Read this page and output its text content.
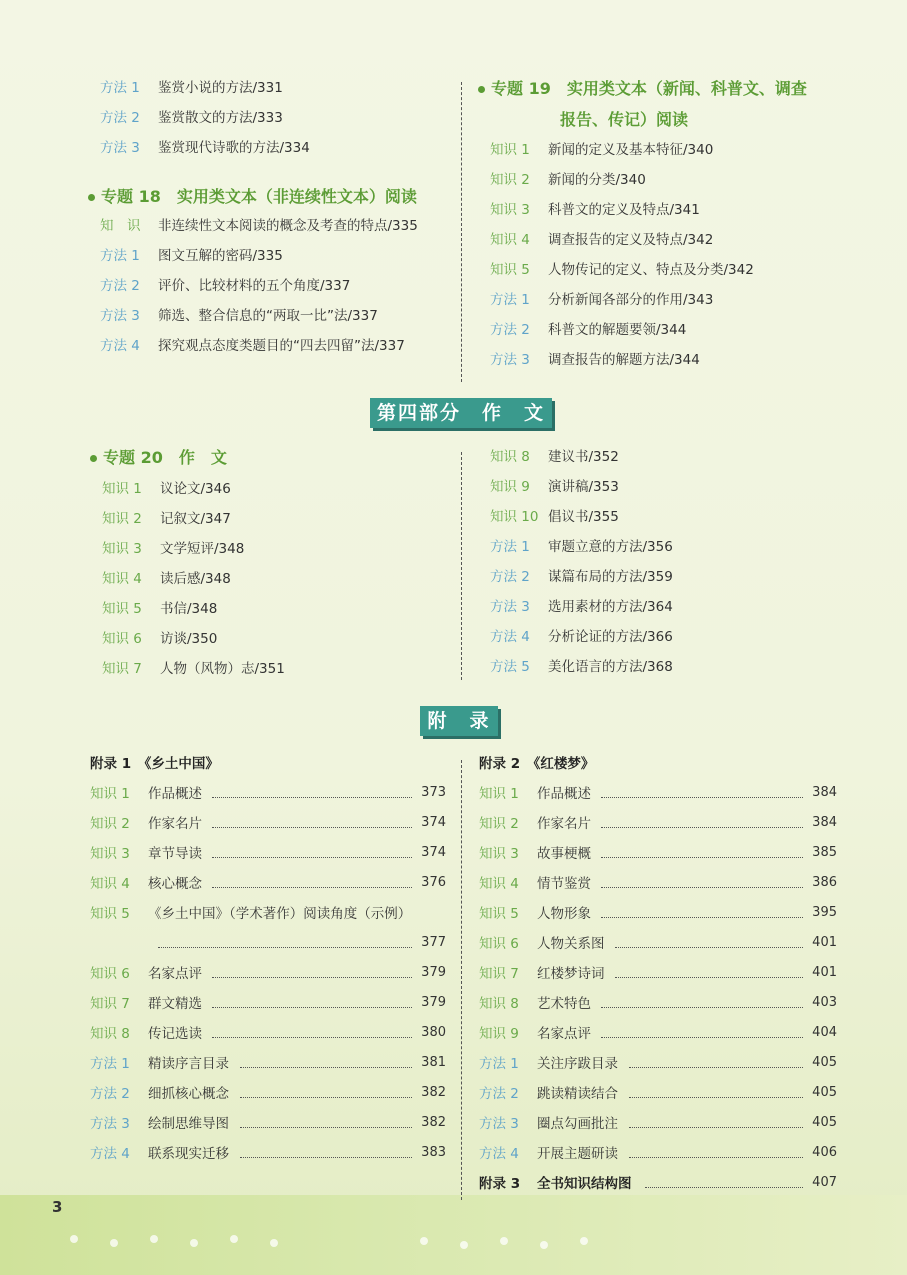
方法 1 鉴赏小说的方法/331
方法 2 鉴赏散文的方法/333
方法 3 鉴赏现代诗歌的方法/334
专题 18　实用类文本（非连续性文本）阅读
知　识 非连续性文本阅读的概念及考查的特点/335
方法 1 图文互解的密码/335
方法 2 评价、比较材料的五个角度/337
方法 3 筛选、整合信息的“两取一比”法/337
方法 4 探究观点态度类题目的“四去四留”法/337
专题 19　实用类文本（新闻、科普文、调查
报告、传记）阅读
知识 1 新闻的定义及基本特征/340
知识 2 新闻的分类/340
知识 3 科普文的定义及特点/341
知识 4 调查报告的定义及特点/342
知识 5 人物传记的定义、特点及分类/342
方法 1 分析新闻各部分的作用/343
方法 2 科普文的解题要领/344
方法 3 调查报告的解题方法/344
第四部分　作　文
专题 20　作　文
知识 1 议论文/346
知识 2 记叙文/347
知识 3 文学短评/348
知识 4 读后感/348
知识 5 书信/348
知识 6 访谈/350
知识 7 人物（风物）志/351
知识 8 建议书/352
知识 9 演讲稿/353
知识 10 倡议书/355
方法 1 审题立意的方法/356
方法 2 谋篇布局的方法/359
方法 3 选用素材的方法/364
方法 4 分析论证的方法/366
方法 5 美化语言的方法/368
附　录
附录 1　《乡土中国》
知识 1 作品概述	373
知识 2 作家名片	374
知识 3 章节导读	374
知识 4 核心概念	376
知识 5 《乡土中国》（学术著作）阅读角度（示例）
377
知识 6 名家点评	379
知识 7 群文精选	379
知识 8 传记选读	380
方法 1 精读序言目录	381
方法 2 细抓核心概念	382
方法 3 绘制思维导图	382
方法 4 联系现实迁移	383
附录 2　《红楼梦》
知识 1 作品概述	384
知识 2 作家名片	384
知识 3 故事梗概	385
知识 4 情节鉴赏	386
知识 5 人物形象	395
知识 6 人物关系图	401
知识 7 红楼梦诗词	401
知识 8 艺术特色	403
知识 9 名家点评	404
方法 1 关注序跋目录	405
方法 2 跳读精读结合	405
方法 3 圈点勾画批注	405
方法 4 开展主题研读	406
附录 3 全书知识结构图	407
3
